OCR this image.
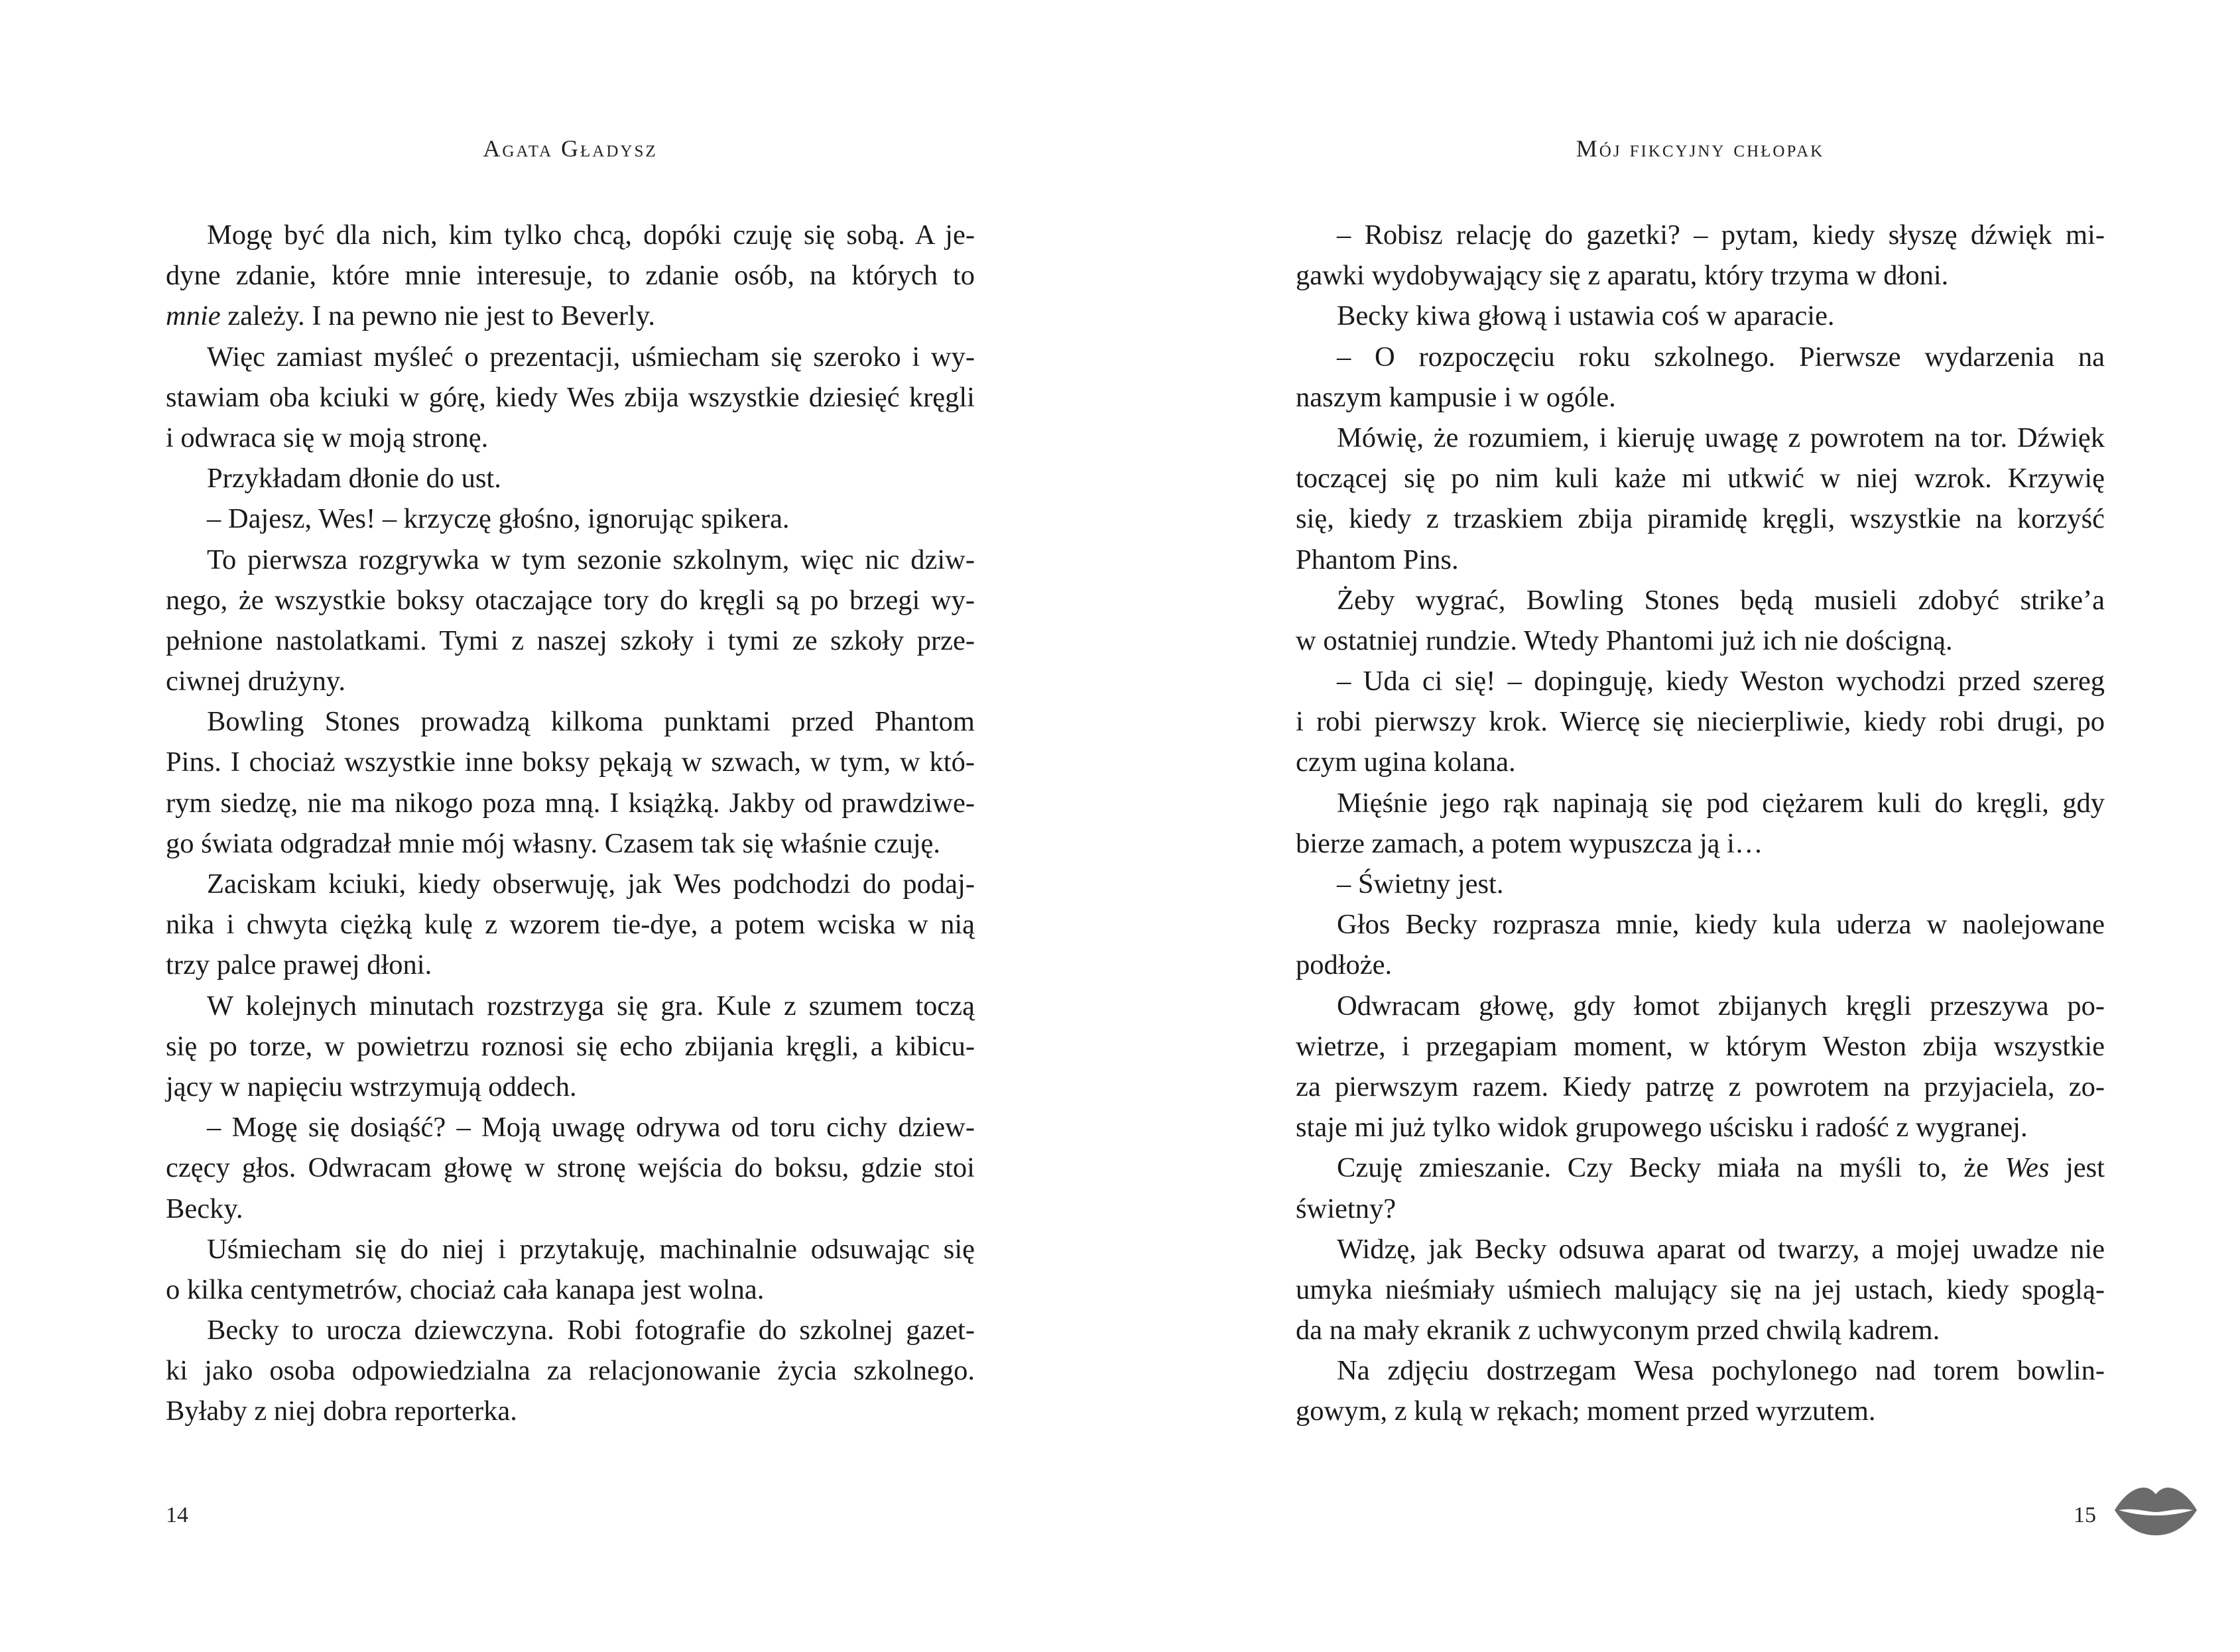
Agata Gładysz
Mogę być dla nich, kim tylko chcą, dopóki czuję się sobą. A je-
dyne zdanie, które mnie interesuje, to zdanie osób, na których to
mnie zależy. I na pewno nie jest to Beverly.
Więc zamiast myśleć o prezentacji, uśmiecham się szeroko i wy-
stawiam oba kciuki w górę, kiedy Wes zbija wszystkie dziesięć kręgli
i odwraca się w moją stronę.
Przykładam dłonie do ust.
– Dajesz, Wes! – krzyczę głośno, ignorując spikera.
To pierwsza rozgrywka w tym sezonie szkolnym, więc nic dziw-
nego, że wszystkie boksy otaczające tory do kręgli są po brzegi wy-
pełnione nastolatkami. Tymi z naszej szkoły i tymi ze szkoły prze-
ciwnej drużyny.
Bowling Stones prowadzą kilkoma punktami przed Phantom
Pins. I chociaż wszystkie inne boksy pękają w szwach, w tym, w któ-
rym siedzę, nie ma nikogo poza mną. I książką. Jakby od prawdziwe-
go świata odgradzał mnie mój własny. Czasem tak się właśnie czuję.
Zaciskam kciuki, kiedy obserwuję, jak Wes podchodzi do podaj-
nika i chwyta ciężką kulę z wzorem tie-dye, a potem wciska w nią
trzy palce prawej dłoni.
W kolejnych minutach rozstrzyga się gra. Kule z szumem toczą
się po torze, w powietrzu roznosi się echo zbijania kręgli, a kibicu-
jący w napięciu wstrzymują oddech.
– Mogę się dosiąść? – Moją uwagę odrywa od toru cichy dziew-
częcy głos. Odwracam głowę w stronę wejścia do boksu, gdzie stoi
Becky.
Uśmiecham się do niej i przytakuję, machinalnie odsuwając się
o kilka centymetrów, chociaż cała kanapa jest wolna.
Becky to urocza dziewczyna. Robi fotografie do szkolnej gazet-
ki jako osoba odpowiedzialna za relacjonowanie życia szkolnego.
Byłaby z niej dobra reporterka.
14
Mój fikcyjny chłopak
– Robisz relację do gazetki? – pytam, kiedy słyszę dźwięk mi-
gawki wydobywający się z aparatu, który trzyma w dłoni.
Becky kiwa głową i ustawia coś w aparacie.
– O rozpoczęciu roku szkolnego. Pierwsze wydarzenia na
naszym kampusie i w ogóle.
Mówię, że rozumiem, i kieruję uwagę z powrotem na tor. Dźwięk
toczącej się po nim kuli każe mi utkwić w niej wzrok. Krzywię
się, kiedy z trzaskiem zbija piramidę kręgli, wszystkie na korzyść
Phantom Pins.
Żeby wygrać, Bowling Stones będą musieli zdobyć strike’a
w ostatniej rundzie. Wtedy Phantomi już ich nie dościgną.
– Uda ci się! – dopinguję, kiedy Weston wychodzi przed szereg
i robi pierwszy krok. Wiercę się niecierpliwie, kiedy robi drugi, po
czym ugina kolana.
Mięśnie jego rąk napinają się pod ciężarem kuli do kręgli, gdy
bierze zamach, a potem wypuszcza ją i…
– Świetny jest.
Głos Becky rozprasza mnie, kiedy kula uderza w naolejowane
podłoże.
Odwracam głowę, gdy łomot zbijanych kręgli przeszywa po-
wietrze, i przegapiam moment, w którym Weston zbija wszystkie
za pierwszym razem. Kiedy patrzę z powrotem na przyjaciela, zo-
staje mi już tylko widok grupowego uścisku i radość z wygranej.
Czuję zmieszanie. Czy Becky miała na myśli to, że Wes jest
świetny?
Widzę, jak Becky odsuwa aparat od twarzy, a mojej uwadze nie
umyka nieśmiały uśmiech malujący się na jej ustach, kiedy spoglą-
da na mały ekranik z uchwyconym przed chwilą kadrem.
Na zdjęciu dostrzegam Wesa pochylonego nad torem bowlin-
gowym, z kulą w rękach; moment przed wyrzutem.
15
